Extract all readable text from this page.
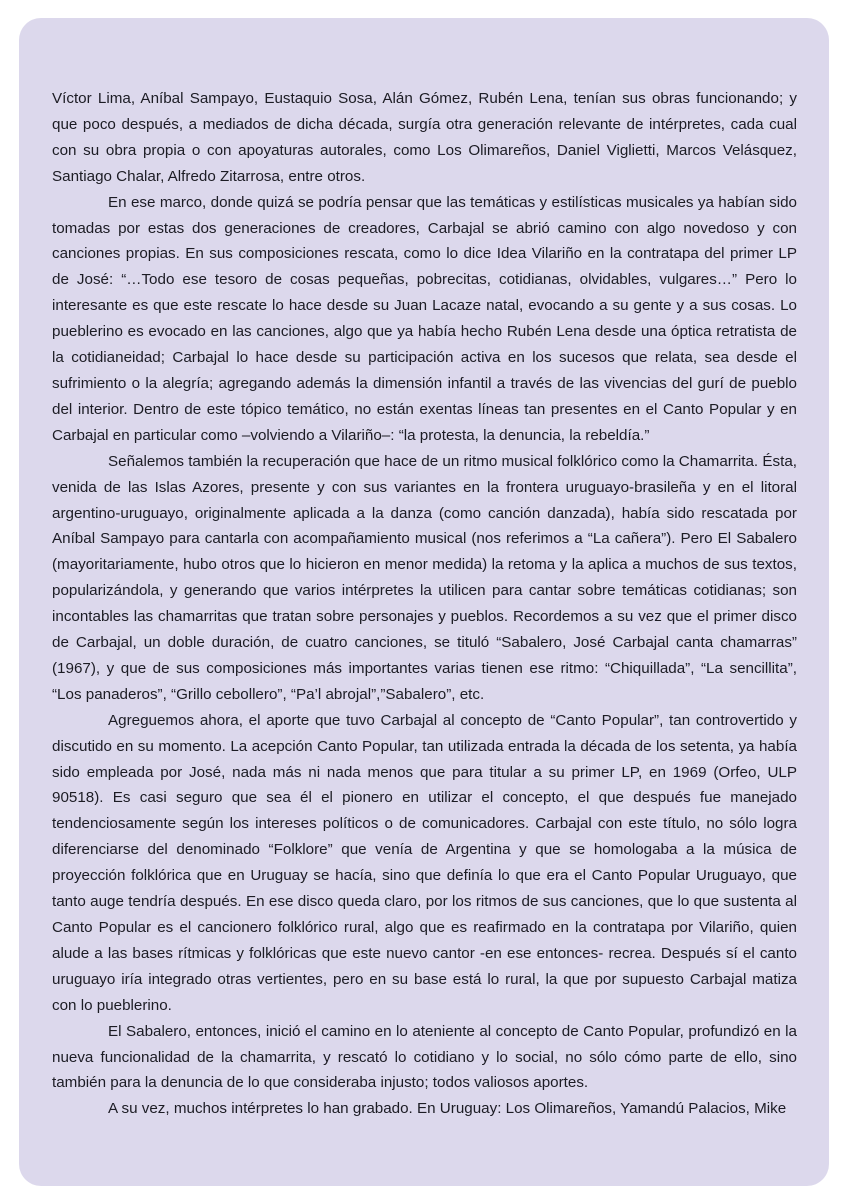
Víctor Lima, Aníbal Sampayo, Eustaquio Sosa, Alán Gómez, Rubén Lena, tenían sus obras funcionando; y que poco después, a mediados de dicha década, surgía otra generación relevante de intérpretes, cada cual con su obra propia o con apoyaturas autorales, como Los Olimareños, Daniel Viglietti, Marcos Velásquez, Santiago Chalar, Alfredo Zitarrosa, entre otros.

En ese marco, donde quizá se podría pensar que las temáticas y estilísticas musicales ya habían sido tomadas por estas dos generaciones de creadores, Carbajal se abrió camino con algo novedoso y con canciones propias. En sus composiciones rescata, como lo dice Idea Vilariño en la contratapa del primer LP de José: “…Todo ese tesoro de cosas pequeñas, pobrecitas, cotidianas, olvidables, vulgares…” Pero lo interesante es que este rescate lo hace desde su Juan Lacaze natal, evocando a su gente y a sus cosas. Lo pueblerino es evocado en las canciones, algo que ya había hecho Rubén Lena desde una óptica retratista de la cotidianeidad; Carbajal lo hace desde su participación activa en los sucesos que relata, sea desde el sufrimiento o la alegría; agregando además la dimensión infantil a través de las vivencias del gurí de pueblo del interior. Dentro de este tópico temático, no están exentas líneas tan presentes en el Canto Popular y en Carbajal en particular como –volviendo a Vilariño–: “la protesta, la denuncia, la rebeldía.”

Señalemos también la recuperación que hace de un ritmo musical folklórico como la Chamarrita. Ésta, venida de las Islas Azores, presente y con sus variantes en la frontera uruguayo-brasileña y en el litoral argentino-uruguayo, originalmente aplicada a la danza (como canción danzada), había sido rescatada por Aníbal Sampayo para cantarla con acompañamiento musical (nos referimos a “La cañera”). Pero El Sabalero (mayoritariamente, hubo otros que lo hicieron en menor medida) la retoma y la aplica a muchos de sus textos, popularizándola, y generando que varios intérpretes la utilicen para cantar sobre temáticas cotidianas; son incontables las chamarritas que tratan sobre personajes y pueblos. Recordemos a su vez que el primer disco de Carbajal, un doble duración, de cuatro canciones, se tituló “Sabalero, José Carbajal canta chamarras” (1967), y que de sus composiciones más importantes varias tienen ese ritmo: “Chiquillada”, “La sencillita”, “Los panaderos”, “Grillo cebollero”, “Pa’l abrojal”,”Sabalero”, etc.

Agreguemos ahora, el aporte que tuvo Carbajal al concepto de “Canto Popular”, tan controvertido y discutido en su momento. La acepción Canto Popular, tan utilizada entrada la década de los setenta, ya había sido empleada por José, nada más ni nada menos que para titular a su primer LP, en 1969 (Orfeo, ULP 90518). Es casi seguro que sea él el pionero en utilizar el concepto, el que después fue manejado tendenciosamente según los intereses políticos o de comunicadores. Carbajal con este título, no sólo logra diferenciarse del denominado “Folklore” que venía de Argentina y que se homologaba a la música de proyección folklórica que en Uruguay se hacía, sino que definía lo que era el Canto Popular Uruguayo, que tanto auge tendría después. En ese disco queda claro, por los ritmos de sus canciones, que lo que sustenta al Canto Popular es el cancionero folklórico rural, algo que es reafirmado en la contratapa por Vilariño, quien alude a las bases rítmicas y folklóricas que este nuevo cantor -en ese entonces- recrea. Después sí el canto uruguayo iría integrado otras vertientes, pero en su base está lo rural, la que por supuesto Carbajal matiza con lo pueblerino.

El Sabalero, entonces, inició el camino en lo ateniente al concepto de Canto Popular, profundizó en la nueva funcionalidad de la chamarrita, y rescató lo cotidiano y lo social, no sólo cómo parte de ello, sino también para la denuncia de lo que consideraba injusto; todos valiosos aportes.

A su vez, muchos intérpretes lo han grabado. En Uruguay: Los Olimareños, Yamandú Palacios, Mike
